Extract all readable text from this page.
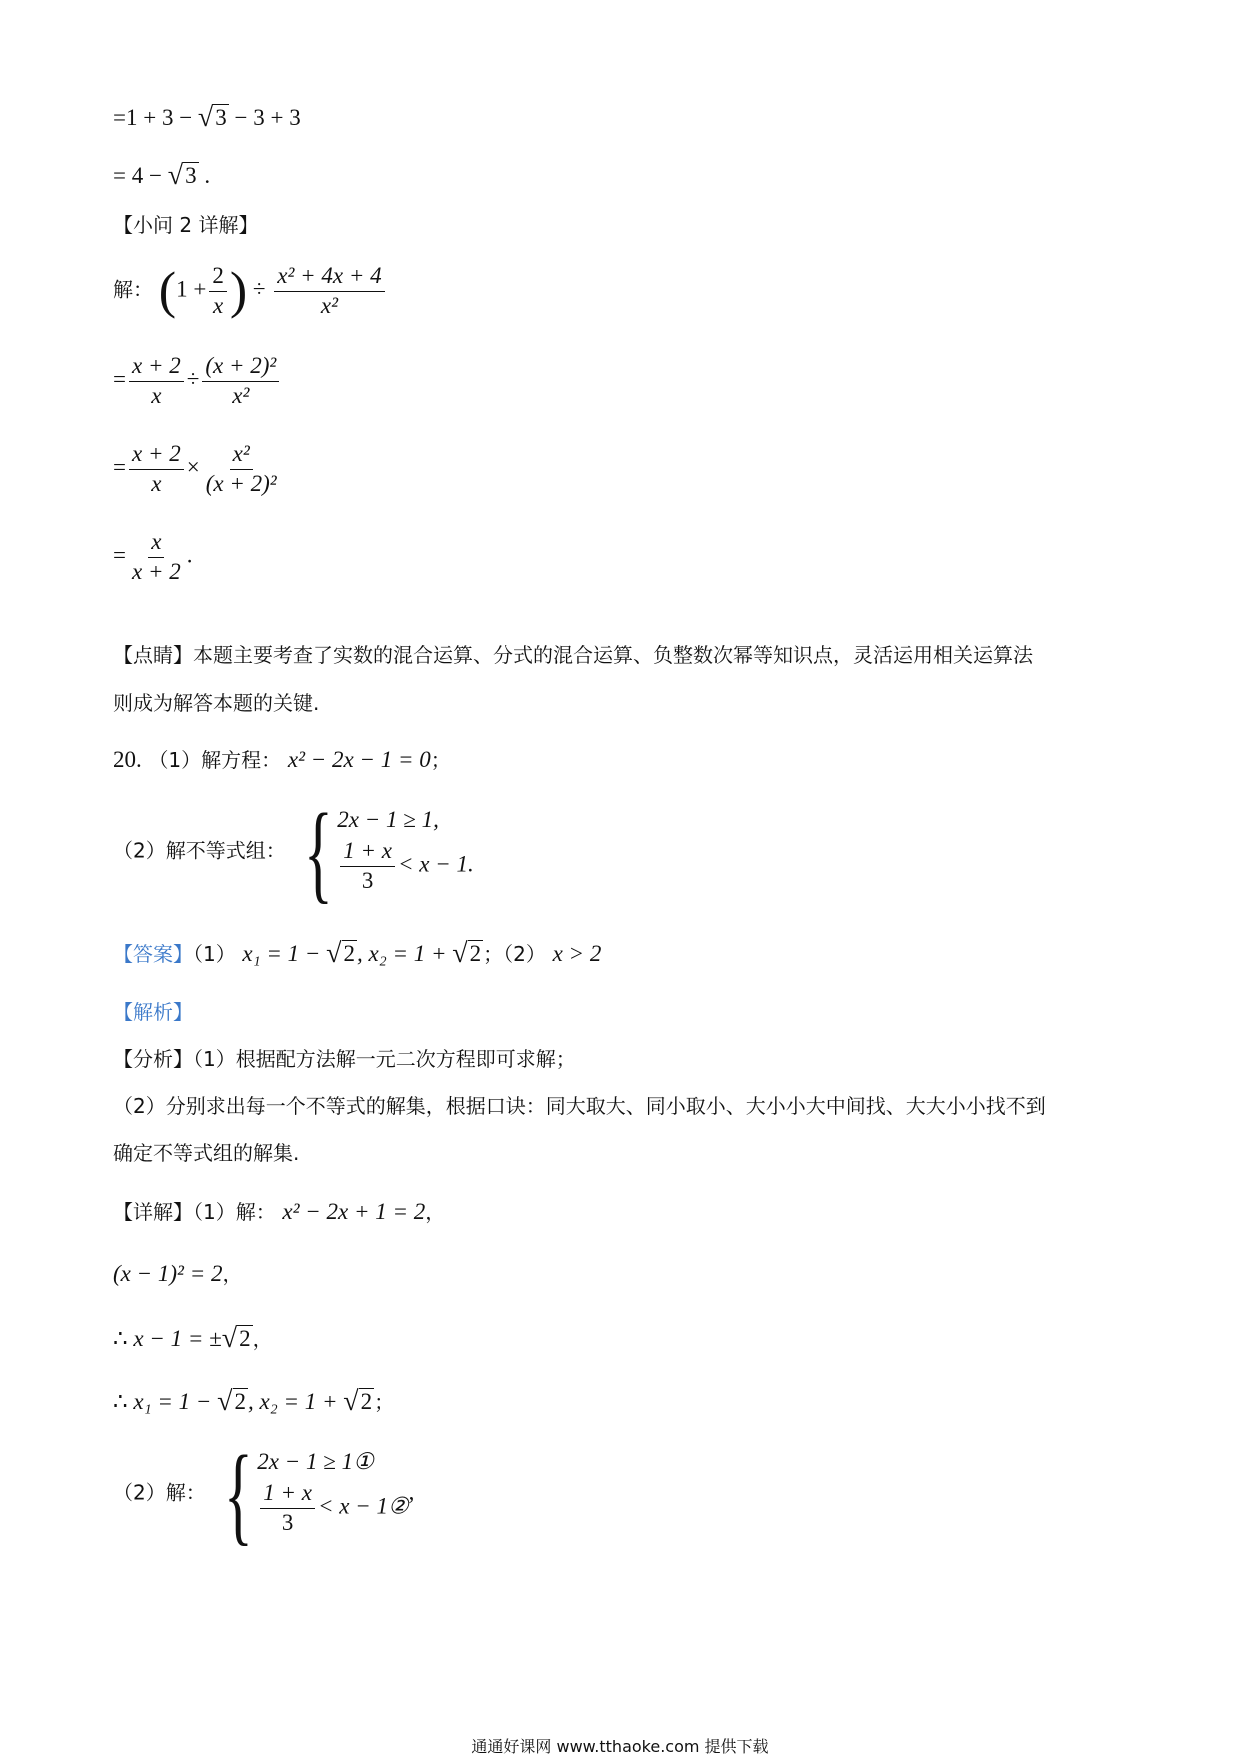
=1 + 3 − √ 3 − 3 + 3
= 4 − √ 3 .
【小问 2 详解】
解： ($1 + \frac{2}{x}$ ) ÷ $\frac{\text{x² + 4x + 4}}{\text{x²}}$
= $\frac{x + 2}{x} \div \frac{\text{(x + 2)²}}{\text{x²}}$
= $\frac{x + 2}{x} \times \frac{\text{x²}}{\text{(x + 2)²}}$
= $\frac{x}{x + 2}$ .
【点睛】本题主要考查了实数的混合运算、分式的混合运算、负整数次幂等知识点，灵活运用相关运算法
则成为解答本题的关键.
20. （1）解方程： x² − 2x − 1 = 0；
（2）解不等式组： { 2x − 1 ≥ 1,
$\frac{1 + x}{3} < x - 1$.
【答案】（1） x₁ = 1 − √ 2 , x₂ = 1 + √ 2 ；（2） x > 2
【解析】
【分析】（1）根据配方法解一元二次方程即可求解；
（2）分别求出每一个不等式的解集，根据口诀：同大取大、同小取小、大小小大中间找、大大小小找不到
确定不等式组的解集.
【详解】（1）解： x² − 2x + 1 = 2，
(x − 1)² = 2，
∴ x − 1 = ± √ 2 ，
∴ x₁ = 1 − √ 2 , x₂ = 1 + √ 2 ；
（2）解： { 2x − 1 ≥ 1①
$\frac{1 + x}{3} < x$ − 1②
,
通通好课网 www.tthaoke.com 提供下载
